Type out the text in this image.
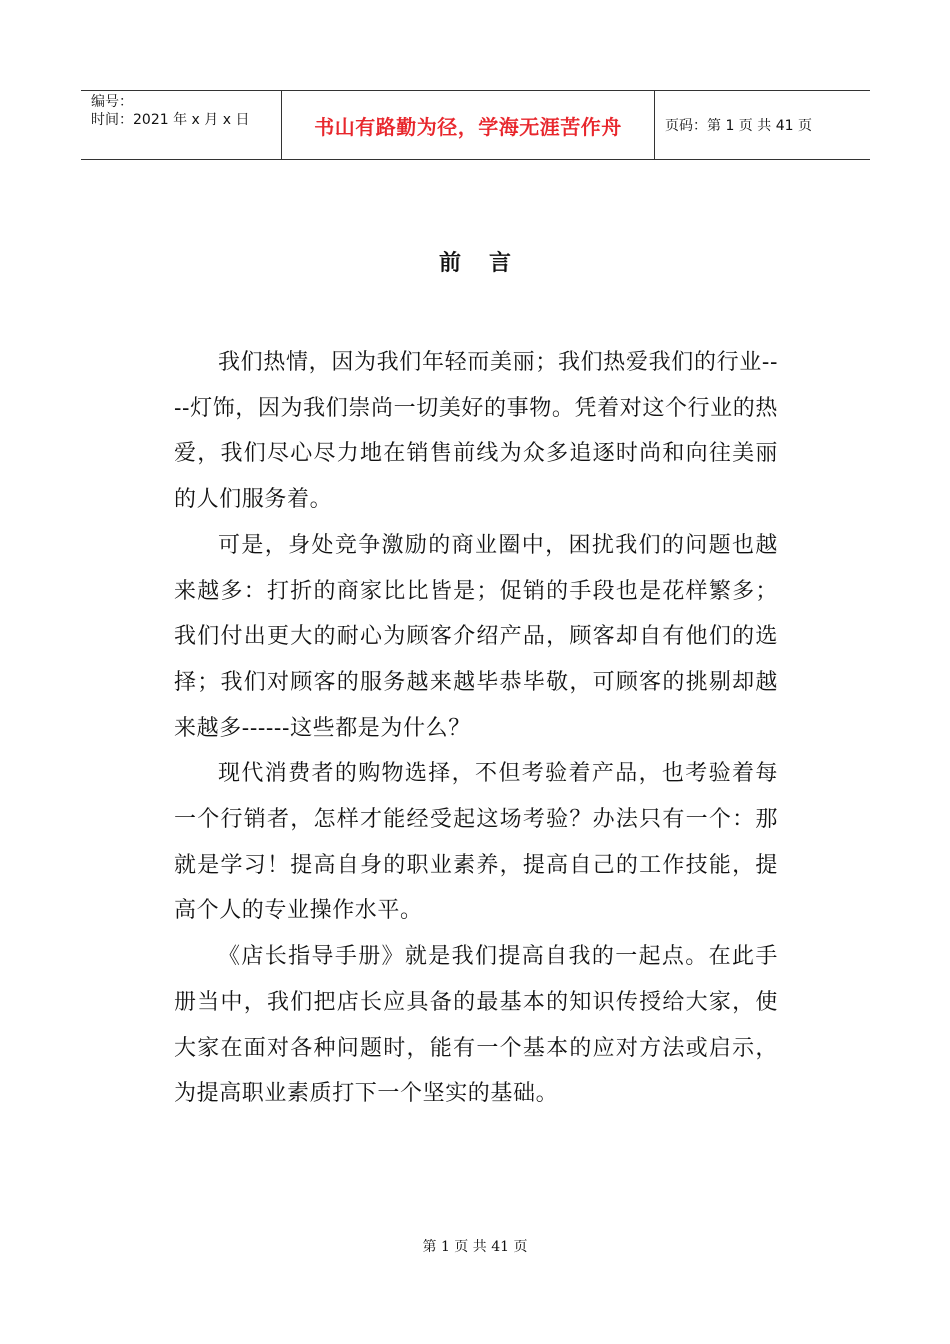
编号：
时间：2021 年 x 月 x 日	书山有路勤为径，学海无涯苦作舟	页码：第 1 页 共 41 页
前言

我们热情，因为我们年轻而美丽；我们热爱我们的行业----灯饰，因为我们崇尚一切美好的事物。凭着对这个行业的热爱，我们尽心尽力地在销售前线为众多追逐时尚和向往美丽的人们服务着。

可是，身处竞争激励的商业圈中，困扰我们的问题也越来越多：打折的商家比比皆是；促销的手段也是花样繁多；我们付出更大的耐心为顾客介绍产品，顾客却自有他们的选择；我们对顾客的服务越来越毕恭毕敬，可顾客的挑剔却越来越多------这些都是为什么？

现代消费者的购物选择，不但考验着产品，也考验着每一个行销者，怎样才能经受起这场考验？办法只有一个：那就是学习！提高自身的职业素养，提高自己的工作技能，提高个人的专业操作水平。

《店长指导手册》就是我们提高自我的一起点。在此手册当中，我们把店长应具备的最基本的知识传授给大家，使大家在面对各种问题时，能有一个基本的应对方法或启示，为提高职业素质打下一个坚实的基础。

第 1 页 共 41 页
